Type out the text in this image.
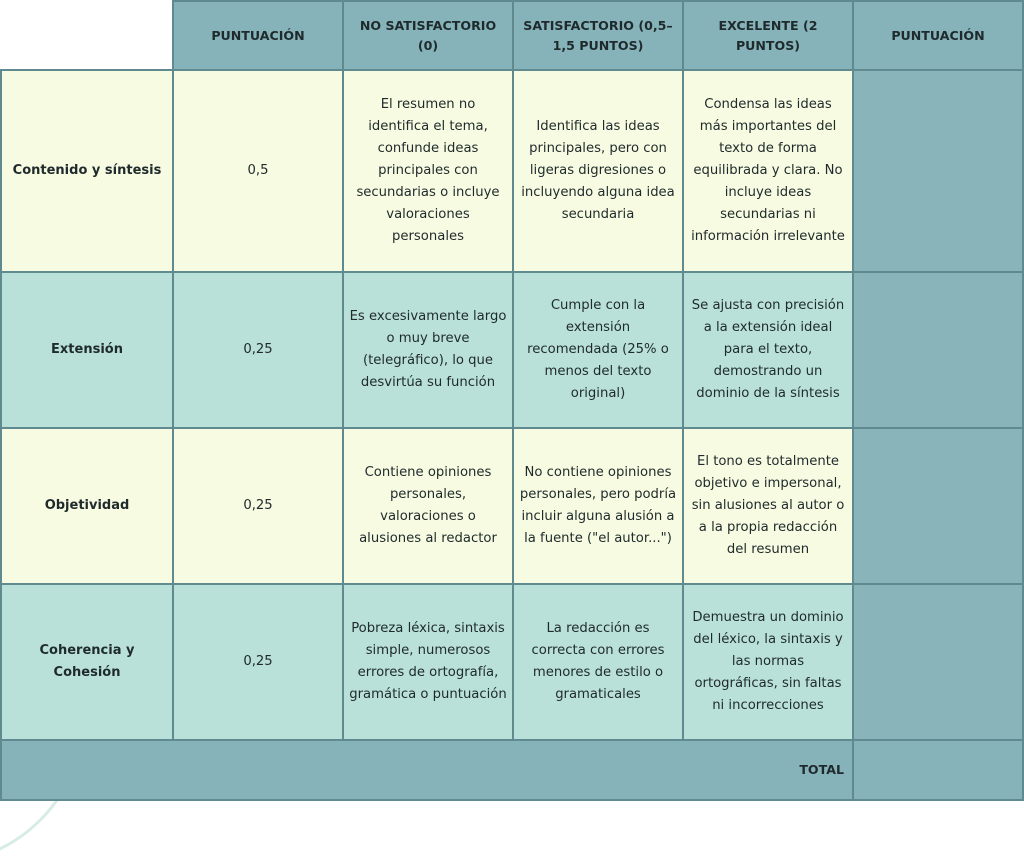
	PUNTUACIÓN	NO SATISFACTORIO (0)	SATISFACTORIO (0,5–1,5 PUNTOS)	EXCELENTE (2 PUNTOS)	PUNTUACIÓN
Contenido y síntesis	0,5	El resumen no identifica el tema, confunde ideas principales con secundarias o incluye valoraciones personales	Identifica las ideas principales, pero con ligeras digresiones o incluyendo alguna idea secundaria	Condensa las ideas más importantes del texto de forma equilibrada y clara. No incluye ideas secundarias ni información irrelevante	
Extensión	0,25	Es excesivamente largo o muy breve (telegráfico), lo que desvirtúa su función	Cumple con la extensión recomendada (25% o menos del texto original)	Se ajusta con precisión a la extensión ideal para el texto, demostrando un dominio de la síntesis	
Objetividad	0,25	Contiene opiniones personales, valoraciones o alusiones al redactor	No contiene opiniones personales, pero podría incluir alguna alusión a la fuente ("el autor...")	El tono es totalmente objetivo e impersonal, sin alusiones al autor o a la propia redacción del resumen	
Coherencia y Cohesión	0,25	Pobreza léxica, sintaxis simple, numerosos errores de ortografía, gramática o puntuación	La redacción es correcta con errores menores de estilo o gramaticales	Demuestra un dominio del léxico, la sintaxis y las normas ortográficas, sin faltas ni incorrecciones	
TOTAL					
